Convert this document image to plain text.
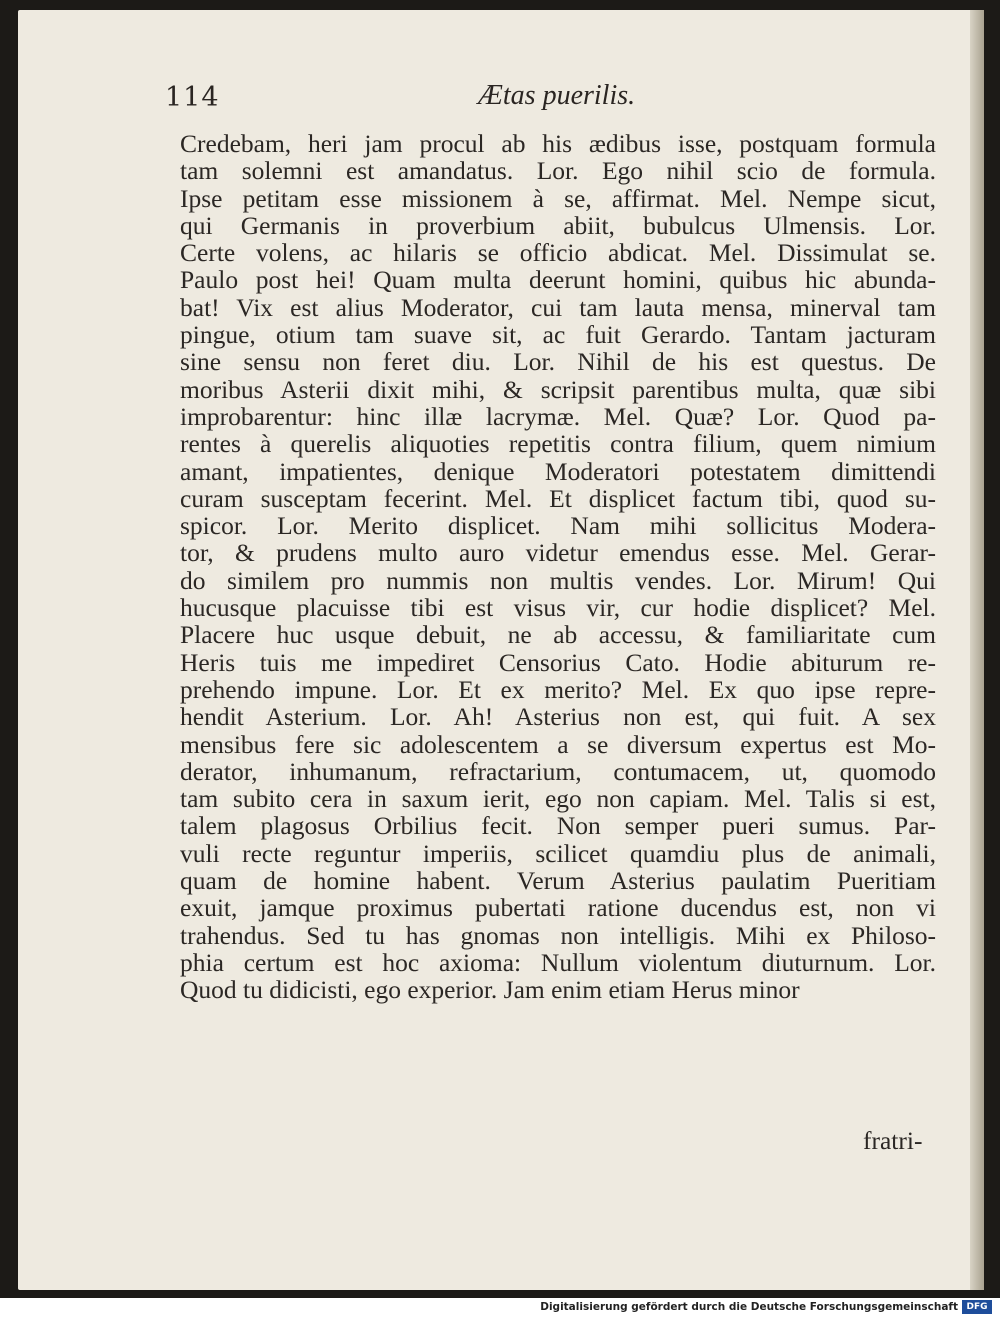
114	Ætas puerilis.
Credebam, heri jam procul ab his ædibus isse, postquam formula
tam solemni est amandatus. Lor. Ego nihil scio de formula.
Ipse petitam esse missionem à se, affirmat. Mel. Nempe sicut,
qui Germanis in proverbium abiit, bubulcus Ulmensis. Lor.
Certe volens, ac hilaris se officio abdicat. Mel. Dissimulat se.
Paulo post hei! Quam multa deerunt homini, quibus hic abunda-
bat! Vix est alius Moderator, cui tam lauta mensa, minerval tam
pingue, otium tam suave sit, ac fuit Gerardo. Tantam jacturam
sine sensu non feret diu. Lor. Nihil de his est questus. De
moribus Asterii dixit mihi, & scripsit parentibus multa, quæ sibi
improbarentur: hinc illæ lacrymæ. Mel. Quæ? Lor. Quod pa-
rentes à querelis aliquoties repetitis contra filium, quem nimium
amant, impatientes, denique Moderatori potestatem dimittendi
curam susceptam fecerint. Mel. Et displicet factum tibi, quod su-
spicor. Lor. Merito displicet. Nam mihi sollicitus Modera-
tor, & prudens multo auro videtur emendus esse. Mel. Gerar-
do similem pro nummis non multis vendes. Lor. Mirum! Qui
hucusque placuisse tibi est visus vir, cur hodie displicet? Mel.
Placere huc usque debuit, ne ab accessu, & familiaritate cum
Heris tuis me impediret Censorius Cato. Hodie abiturum re-
prehendo impune. Lor. Et ex merito? Mel. Ex quo ipse repre-
hendit Asterium. Lor. Ah! Asterius non est, qui fuit. A sex
mensibus fere sic adolescentem a se diversum expertus est Mo-
derator, inhumanum, refractarium, contumacem, ut, quomodo
tam subito cera in saxum ierit, ego non capiam. Mel. Talis si est,
talem plagosus Orbilius fecit. Non semper pueri sumus. Par-
vuli recte reguntur imperiis, scilicet quamdiu plus de animali,
quam de homine habent. Verum Asterius paulatim Pueritiam
exuit, jamque proximus pubertati ratione ducendus est, non vi
trahendus. Sed tu has gnomas non intelligis. Mihi ex Philoso-
phia certum est hoc axioma: Nullum violentum diuturnum. Lor.
Quod tu didicisti, ego experior. Jam enim etiam Herus minor
fratri-
Digitalisierung gefördert durch die Deutsche Forschungsgemeinschaft DFG
